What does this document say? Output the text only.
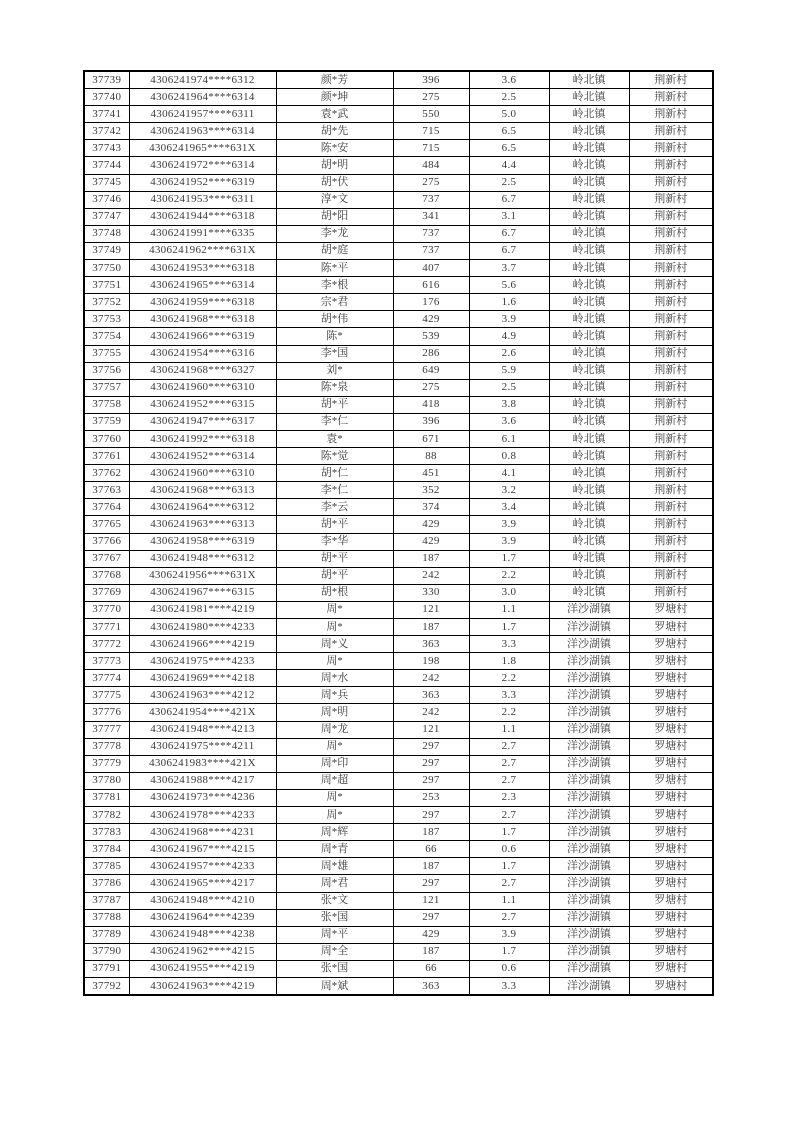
37739	4306241974****6312	颜*芳	396	3.6	岭北镇	荆新村
37740	4306241964****6314	颜*坤	275	2.5	岭北镇	荆新村
37741	4306241957****6311	袁*武	550	5.0	岭北镇	荆新村
37742	4306241963****6314	胡*先	715	6.5	岭北镇	荆新村
37743	4306241965****631X	陈*安	715	6.5	岭北镇	荆新村
37744	4306241972****6314	胡*明	484	4.4	岭北镇	荆新村
37745	4306241952****6319	胡*伏	275	2.5	岭北镇	荆新村
37746	4306241953****6311	淳*文	737	6.7	岭北镇	荆新村
37747	4306241944****6318	胡*阳	341	3.1	岭北镇	荆新村
37748	4306241991****6335	李*龙	737	6.7	岭北镇	荆新村
37749	4306241962****631X	胡*庭	737	6.7	岭北镇	荆新村
37750	4306241953****6318	陈*平	407	3.7	岭北镇	荆新村
37751	4306241965****6314	李*根	616	5.6	岭北镇	荆新村
37752	4306241959****6318	宗*君	176	1.6	岭北镇	荆新村
37753	4306241968****6318	胡*伟	429	3.9	岭北镇	荆新村
37754	4306241966****6319	陈*	539	4.9	岭北镇	荆新村
37755	4306241954****6316	李*国	286	2.6	岭北镇	荆新村
37756	4306241968****6327	刘*	649	5.9	岭北镇	荆新村
37757	4306241960****6310	陈*泉	275	2.5	岭北镇	荆新村
37758	4306241952****6315	胡*平	418	3.8	岭北镇	荆新村
37759	4306241947****6317	李*仁	396	3.6	岭北镇	荆新村
37760	4306241992****6318	袁*	671	6.1	岭北镇	荆新村
37761	4306241952****6314	陈*觉	88	0.8	岭北镇	荆新村
37762	4306241960****6310	胡*仁	451	4.1	岭北镇	荆新村
37763	4306241968****6313	李*仁	352	3.2	岭北镇	荆新村
37764	4306241964****6312	李*云	374	3.4	岭北镇	荆新村
37765	4306241963****6313	胡*平	429	3.9	岭北镇	荆新村
37766	4306241958****6319	李*华	429	3.9	岭北镇	荆新村
37767	4306241948****6312	胡*平	187	1.7	岭北镇	荆新村
37768	4306241956****631X	胡*平	242	2.2	岭北镇	荆新村
37769	4306241967****6315	胡*根	330	3.0	岭北镇	荆新村
37770	4306241981****4219	周*	121	1.1	洋沙湖镇	罗塘村
37771	4306241980****4233	周*	187	1.7	洋沙湖镇	罗塘村
37772	4306241966****4219	周*义	363	3.3	洋沙湖镇	罗塘村
37773	4306241975****4233	周*	198	1.8	洋沙湖镇	罗塘村
37774	4306241969****4218	周*水	242	2.2	洋沙湖镇	罗塘村
37775	4306241963****4212	周*兵	363	3.3	洋沙湖镇	罗塘村
37776	4306241954****421X	周*明	242	2.2	洋沙湖镇	罗塘村
37777	4306241948****4213	周*龙	121	1.1	洋沙湖镇	罗塘村
37778	4306241975****4211	周*	297	2.7	洋沙湖镇	罗塘村
37779	4306241983****421X	周*印	297	2.7	洋沙湖镇	罗塘村
37780	4306241988****4217	周*超	297	2.7	洋沙湖镇	罗塘村
37781	4306241973****4236	周*	253	2.3	洋沙湖镇	罗塘村
37782	4306241978****4233	周*	297	2.7	洋沙湖镇	罗塘村
37783	4306241968****4231	周*辉	187	1.7	洋沙湖镇	罗塘村
37784	4306241967****4215	周*青	66	0.6	洋沙湖镇	罗塘村
37785	4306241957****4233	周*雄	187	1.7	洋沙湖镇	罗塘村
37786	4306241965****4217	周*君	297	2.7	洋沙湖镇	罗塘村
37787	4306241948****4210	张*文	121	1.1	洋沙湖镇	罗塘村
37788	4306241964****4239	张*国	297	2.7	洋沙湖镇	罗塘村
37789	4306241948****4238	周*平	429	3.9	洋沙湖镇	罗塘村
37790	4306241962****4215	周*全	187	1.7	洋沙湖镇	罗塘村
37791	4306241955****4219	张*国	66	0.6	洋沙湖镇	罗塘村
37792	4306241963****4219	周*斌	363	3.3	洋沙湖镇	罗塘村
